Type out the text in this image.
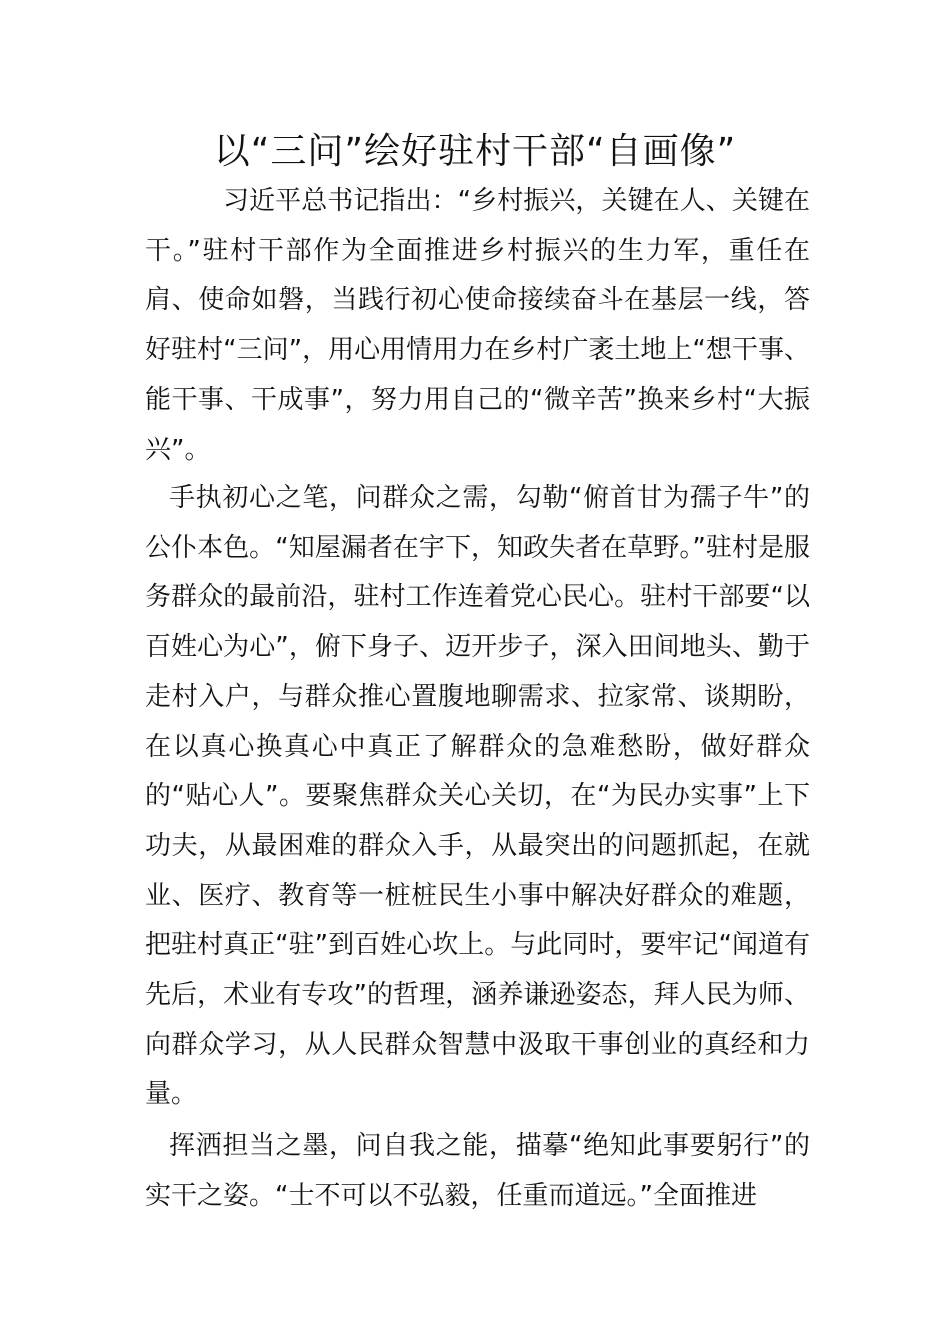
以“三问”绘好驻村干部“自画像”

习近平总书记指出：“乡村振兴，关键在人、关键在干。”驻村干部作为全面推进乡村振兴的生力军，重任在肩、使命如磐，当践行初心使命接续奋斗在基层一线，答好驻村“三问”，用心用情用力在乡村广袤土地上“想干事、能干事、干成事”，努力用自己的“微辛苦”换来乡村“大振兴”。

手执初心之笔，问群众之需，勾勒“俯首甘为孺子牛”的公仆本色。“知屋漏者在宇下，知政失者在草野。”驻村是服务群众的最前沿，驻村工作连着党心民心。驻村干部要“以百姓心为心”，俯下身子、迈开步子，深入田间地头、勤于走村入户，与群众推心置腹地聊需求、拉家常、谈期盼，在以真心换真心中真正了解群众的急难愁盼，做好群众的“贴心人”。要聚焦群众关心关切，在“为民办实事”上下功夫，从最困难的群众入手，从最突出的问题抓起，在就业、医疗、教育等一桩桩民生小事中解决好群众的难题，把驻村真正“驻”到百姓心坎上。与此同时，要牢记“闻道有先后，术业有专攻”的哲理，涵养谦逊姿态，拜人民为师、向群众学习，从人民群众智慧中汲取干事创业的真经和力量。

挥洒担当之墨，问自我之能，描摹“绝知此事要躬行”的实干之姿。“士不可以不弘毅，任重而道远。”全面推进
